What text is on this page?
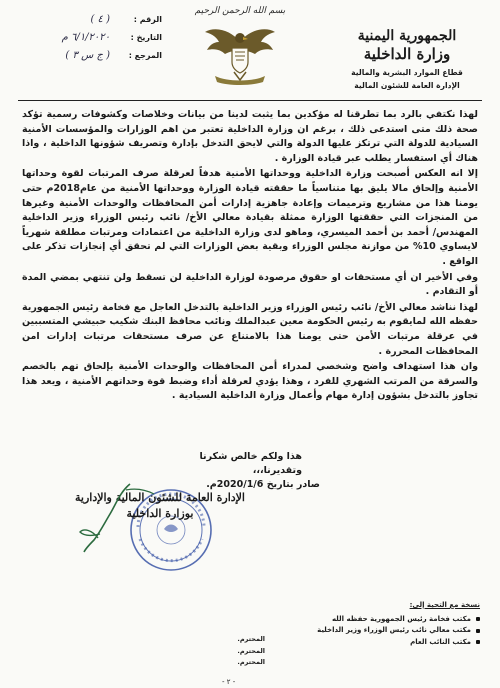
الجمهورية اليمنية
وزارة الداخلية
قطاع الموارد البشرية والمالية
الإدارة العامة للشئون المالية
بسم الله الرحمن الرحيم
الرقم :
( ٤ )
التاريخ :
٦/١/٢٠٢٠ م
المرجع :
( ج س ٣ )

لهذا نكتفي بالرد بما تطرقنا له مؤكدين بما يثبت لدينا من بيانات وخلاصات وكشوفات رسمية تؤكد صحة ذلك متى استدعى ذلك ، برغم ان وزارة الداخلية تعتبر من اهم الوزارات والمؤسسات الأمنية السيادية للدولة التي ترتكز عليها الدولة والتي لايحق التدخل بإدارة وتصريف شؤونها الداخلية ، واذا هناك أي استفسار يطلب عبر قيادة الوزارة .

إلا انه العكس أصبحت وزارة الداخلية ووحداتها الأمنية هدفاً لعرقلة صرف المرتبات لقوة وحداتها الأمنية وإلحاق مالا يليق بها متناسياً ما حققته قيادة الوزارة ووحداتها الأمنية من عام2018م حتى يومنا هذا من مشاريع وترميمات وإعادة جاهزية إدارات أمن المحافظات والوحدات الأمنية وغيرها من المنجزات التي حققتها الوزارة ممثلة بقيادة معالي الأخ/ نائب رئيس الوزراء وزير الداخلية المهندس/ أحمد بن أحمد الميسري، وماهو لدى وزارة الداخلية من اعتمادات ومرتبات مطلقة شهرياً لايساوي 10% من موازنة مجلس الوزراء وبقية بعض الوزارات التي لم تحقق أي إنجازات تذكر على الواقع .

وفي الأخير ان أي مستحقات او حقوق مرصودة لوزارة الداخلية لن تسقط ولن تنتهي بمضي المدة أو التقادم .

لهذا نناشد معالي الأخ/ نائب رئيس الوزراء وزير الداخلية بالتدخل العاجل مع فخامة رئيس الجمهورية حفظه الله لمايقوم به رئيس الحكومة معين عبدالملك ونائب محافظ البنك شكيب حبيشي المتسببين في عرقلة مرتبات الأمن حتى يومنا هذا بالامتناع عن صرف مستحقات مرتبات إدارات امن المحافظات المحررة .

وان هذا استهداف واضح وشخصي لمدراء أمن المحافظات والوحدات الأمنية بإلحاق تهم بالخصم والسرقة من المرتب الشهري للفرد ، وهذا يؤدي لعرقلة أداء وضبط قوة وحداتهم الأمنية ، ويعد هذا تجاوز بالتدخل بشؤون إدارة مهام وأعمال وزارة الداخلية السيادية .

هذا ولكم خالص شكرنا وتقديرنا،،،
صادر بتاريخ 2020/1/6م.
الإدارة العامة للشئون المالية والإدارية
بوزارة الداخلية
نسخة مع التحية إلى:
مكتب فخامة رئيس الجمهورية حفظه الله
مكتب معالي نائب رئيس الوزراء وزير الداخلية
مكتب النائب العام
المحترم.
المحترم.
المحترم.
- ٢ -
